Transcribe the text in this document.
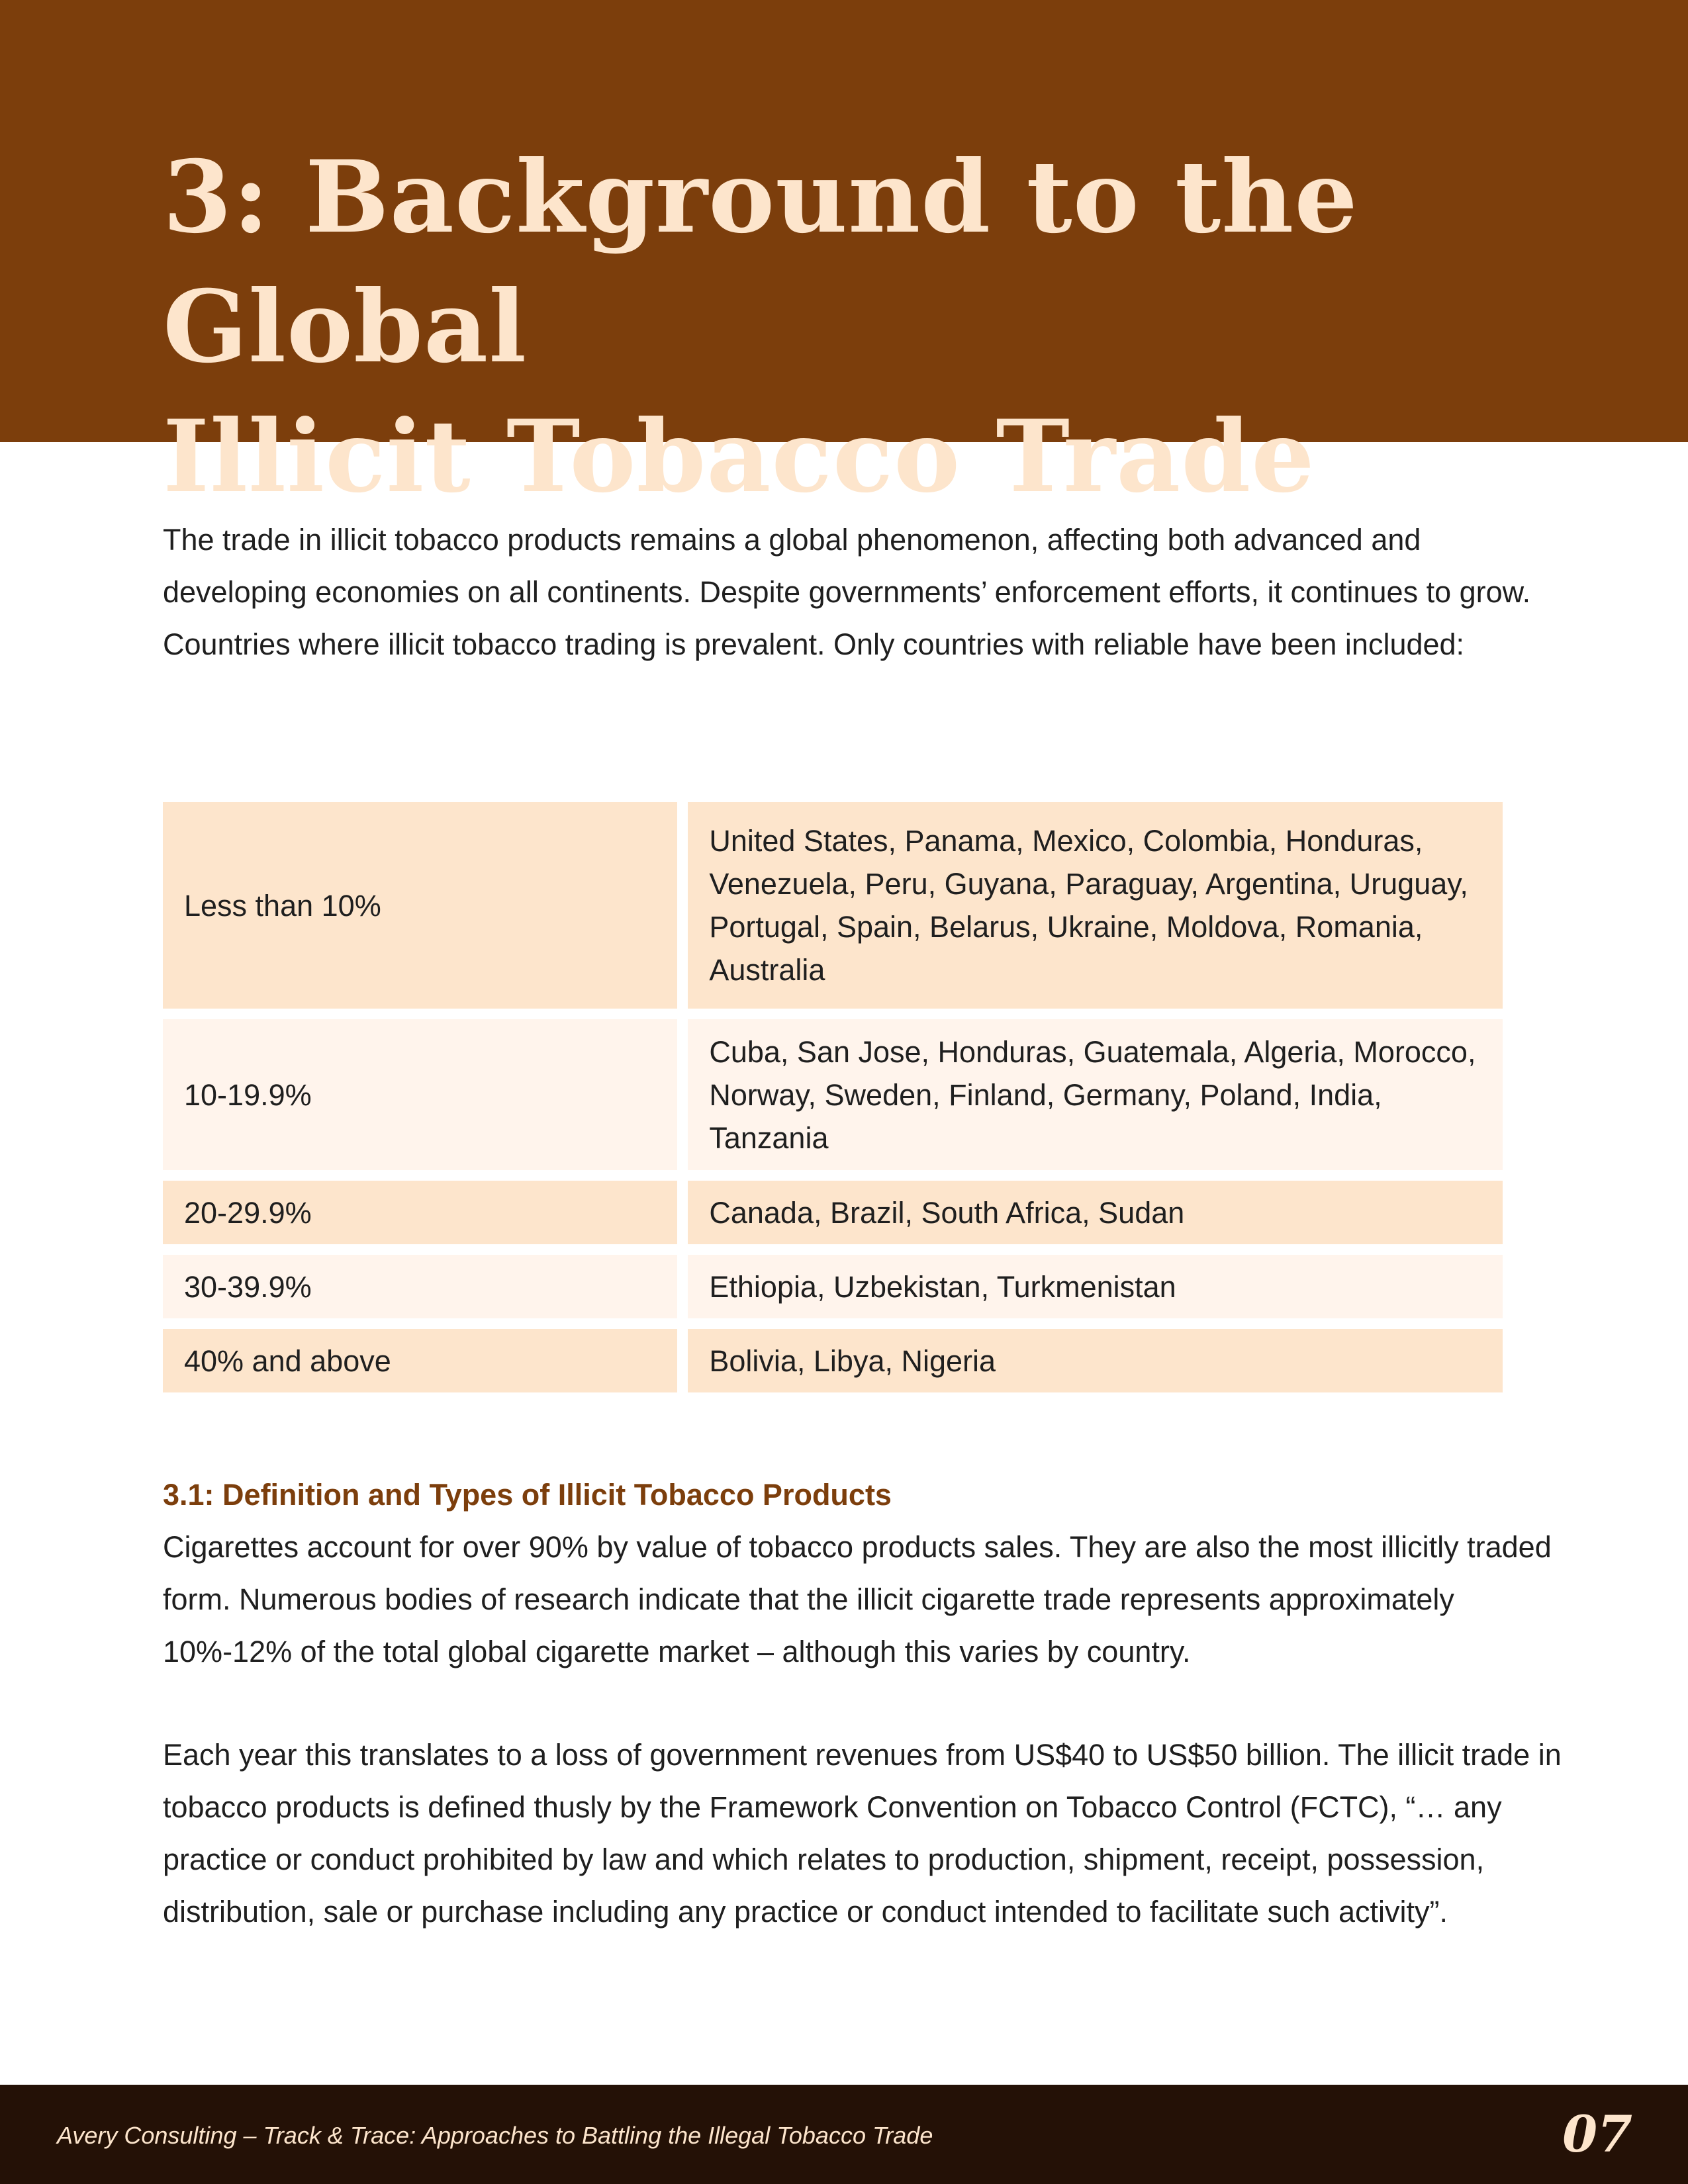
3: Background to the Global
Illicit Tobacco Trade

The trade in illicit tobacco products remains a global phenomenon, affecting both advanced and developing economies on all continents. Despite governments’ enforcement efforts, it continues to grow. Countries where illicit tobacco trading is prevalent. Only countries with reliable have been included:

Less than 10%	United States, Panama, Mexico, Colombia, Honduras, Venezuela, Peru, Guyana, Paraguay, Argentina, Uruguay, Portugal, Spain, Belarus, Ukraine, Moldova, Romania, Australia
10-19.9%	Cuba, San Jose, Honduras, Guatemala, Algeria, Morocco, Norway, Sweden, Finland, Germany, Poland, India, Tanzania
20-29.9%	Canada, Brazil, South Africa, Sudan
30-39.9%	Ethiopia, Uzbekistan, Turkmenistan
40% and above	Bolivia, Libya, Nigeria
3.1: Definition and Types of Illicit Tobacco Products

Cigarettes account for over 90% by value of tobacco products sales. They are also the most illicitly traded form. Numerous bodies of research indicate that the illicit cigarette trade represents approximately 10%-12% of the total global cigarette market – although this varies by country.

Each year this translates to a loss of government revenues from US$40 to US$50 billion. The illicit trade in tobacco products is defined thusly by the Framework Convention on Tobacco Control (FCTC), “… any practice or conduct prohibited by law and which relates to production, shipment, receipt, possession, distribution, sale or purchase including any practice or conduct intended to facilitate such activity”.

Avery Consulting – Track & Trace: Approaches to Battling the Illegal Tobacco Trade	07
